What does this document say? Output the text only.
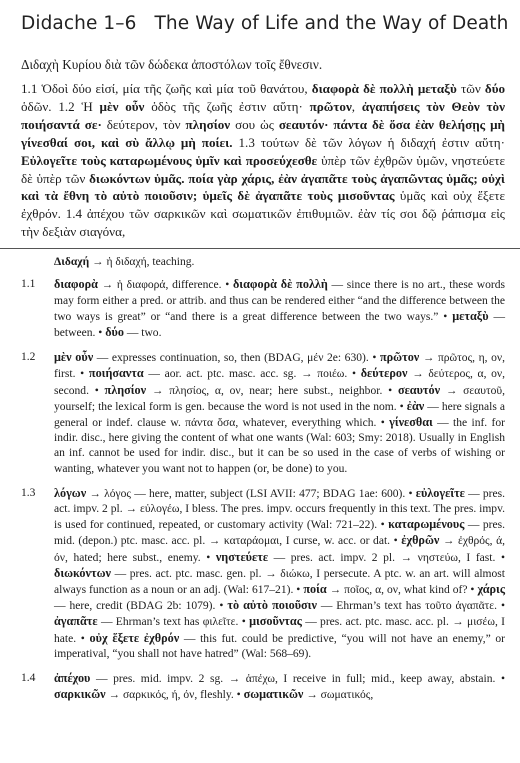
Didache 1–6 The Way of Life and the Way of Death

Διδαχὴ Κυρίου διὰ τῶν δώδεκα ἀποστόλων τοῖς ἔθνεσιν.

1.1 Ὁδοὶ δύο εἰσί, μία τῆς ζωῆς καὶ μία τοῦ θανάτου, διαφορὰ δὲ πολλὴ μεταξὺ τῶν δύο ὁδῶν. 1.2 Ἡ μὲν οὖν ὁδὸς τῆς ζωῆς ἐστιν αὕτη· πρῶτον, ἀγαπήσεις τὸν Θεὸν τὸν ποιήσαντά σε· δεύτερον, τὸν πλησίον σου ὡς σεαυτόν· πάντα δὲ ὅσα ἐὰν θελήσῃς μὴ γίνεσθαί σοι, καὶ σὺ ἄλλῳ μὴ ποίει. 1.3 τούτων δὲ τῶν λόγων ἡ διδαχή ἐστιν αὕτη· Εὐλογεῖτε τοὺς καταρωμένους ὑμῖν καὶ προσεύχεσθε ὑπὲρ τῶν ἐχθρῶν ὑμῶν, νηστεύετε δὲ ὑπὲρ τῶν διωκόντων ὑμᾶς. ποία γὰρ χάρις, ἐὰν ἀγαπᾶτε τοὺς ἀγαπῶντας ὑμᾶς; οὐχὶ καὶ τὰ ἔθνη τὸ αὐτὸ ποιοῦσιν; ὑμεῖς δὲ ἀγαπᾶτε τοὺς μισοῦντας ὑμᾶς καὶ οὐχ ἕξετε ἐχθρόν. 1.4 ἀπέχου τῶν σαρκικῶν καὶ σωματικῶν ἐπιθυμιῶν. ἐὰν τίς σοι δῷ ῥάπισμα εἰς τὴν δεξιὰν σιαγόνα,

Διδαχή → ἡ διδαχή, teaching.
1.1	διαφορὰ → ἡ διαφορά, difference. • διαφορὰ δὲ πολλὴ — since there is no art., these words may form either a pred. or attrib. and thus can be rendered either “and the difference between the two ways is great” or “and there is a great difference between the two ways.” • μεταξὺ — between. • δύο — two.
1.2	μὲν οὖν — expresses continuation, so, then (BDAG, μέν 2e: 630). • πρῶτον → πρῶτος, η, ον, first. • ποιήσαντα — aor. act. ptc. masc. acc. sg. → ποιέω. • δεύτερον → δεύτερος, α, ον, second. • πλησίον → πλησίος, α, ον, near; here subst., neighbor. • σεαυτόν → σεαυτοῦ, yourself; the lexical form is gen. because the word is not used in the nom. • ἐὰν — here signals a general or indef. clause w. πάντα ὅσα, whatever, everything which. • γίνεσθαι — the inf. for indir. disc., here giving the content of what one wants (Wal: 603; Smy: 2018). Usually in English an inf. cannot be used for indir. disc., but it can be so used in the case of verbs of wishing or wanting, whatever you want not to happen (or, be done) to you.
1.3	λόγων → λόγος — here, matter, subject (LSI AVII: 477; BDAG 1ae: 600). • εὐλογεῖτε — pres. act. impv. 2 pl. → εὐλογέω, I bless. The pres. impv. occurs frequently in this text. The pres. impv. is used for continued, repeated, or customary activity (Wal: 721–22). • καταρωμένους — pres. mid. (depon.) ptc. masc. acc. pl. → καταράομαι, I curse, w. acc. or dat. • ἐχθρῶν → ἐχθρός, ά, όν, hated; here subst., enemy. • νηστεύετε — pres. act. impv. 2 pl. → νηστεύω, I fast. • διωκόντων — pres. act. ptc. masc. gen. pl. → διώκω, I persecute. A ptc. w. an art. will almost always function as a noun or an adj. (Wal: 617–21). • ποία → ποῖος, α, ον, what kind of? • χάρις — here, credit (BDAG 2b: 1079). • τὸ αὐτὸ ποιοῦσιν — Ehrman’s text has τοῦτο ἀγαπᾶτε. • ἀγαπᾶτε — Ehrman’s text has φιλεῖτε. • μισοῦντας — pres. act. ptc. masc. acc. pl. → μισέω, I hate. • οὐχ ἕξετε ἐχθρόν — this fut. could be predictive, “you will not have an enemy,” or imperatival, “you shall not have hatred” (Wal: 568–69).
1.4	ἀπέχου — pres. mid. impv. 2 sg. → ἀπέχω, I receive in full; mid., keep away, abstain. • σαρκικῶν → σαρκικός, ή, όν, fleshly. • σωματικῶν → σωματικός,
